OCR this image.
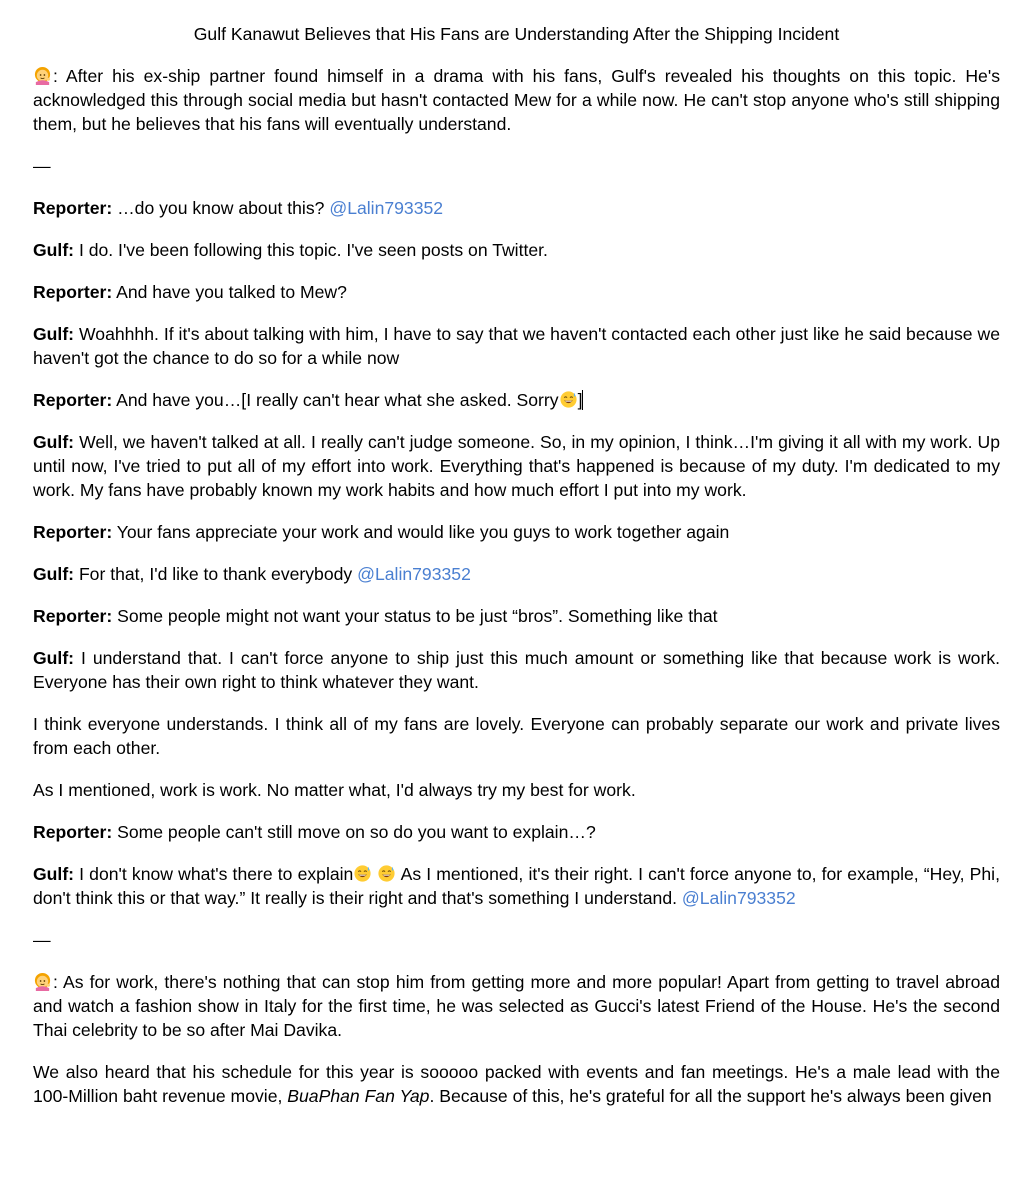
Gulf Kanawut Believes that His Fans are Understanding After the Shipping Incident

: After his ex-ship partner found himself in a drama with his fans, Gulf's revealed his thoughts on this topic. He's acknowledged this through social media but hasn't contacted Mew for a while now. He can't stop anyone who's still shipping them, but he believes that his fans will eventually understand.

—

Reporter: …do you know about this? @Lalin793352

Gulf: I do. I've been following this topic. I've seen posts on Twitter.

Reporter: And have you talked to Mew?

Gulf: Woahhhh. If it's about talking with him, I have to say that we haven't contacted each other just like he said because we haven't got the chance to do so for a while now

Reporter: And have you…[I really can't hear what she asked. Sorry ]

Gulf: Well, we haven't talked at all. I really can't judge someone. So, in my opinion, I think…I'm giving it all with my work. Up until now, I've tried to put all of my effort into work. Everything that's happened is because of my duty. I'm dedicated to my work. My fans have probably known my work habits and how much effort I put into my work.

Reporter: Your fans appreciate your work and would like you guys to work together again

Gulf: For that, I'd like to thank everybody @Lalin793352

Reporter: Some people might not want your status to be just “bros”. Something like that

Gulf: I understand that. I can't force anyone to ship just this much amount or something like that because work is work. Everyone has their own right to think whatever they want.

I think everyone understands. I think all of my fans are lovely. Everyone can probably separate our work and private lives from each other.

As I mentioned, work is work. No matter what, I'd always try my best for work.

Reporter: Some people can't still move on so do you want to explain…?

Gulf: I don't know what's there to explain  As I mentioned, it's their right. I can't force anyone to, for example, “Hey, Phi, don't think this or that way.” It really is their right and that's something I understand. @Lalin793352

—

: As for work, there's nothing that can stop him from getting more and more popular! Apart from getting to travel abroad and watch a fashion show in Italy for the first time, he was selected as Gucci's latest Friend of the House. He's the second Thai celebrity to be so after Mai Davika.

We also heard that his schedule for this year is sooooo packed with events and fan meetings. He's a male lead with the 100-Million baht revenue movie, BuaPhan Fan Yap. Because of this, he's grateful for all the support he's always been given
